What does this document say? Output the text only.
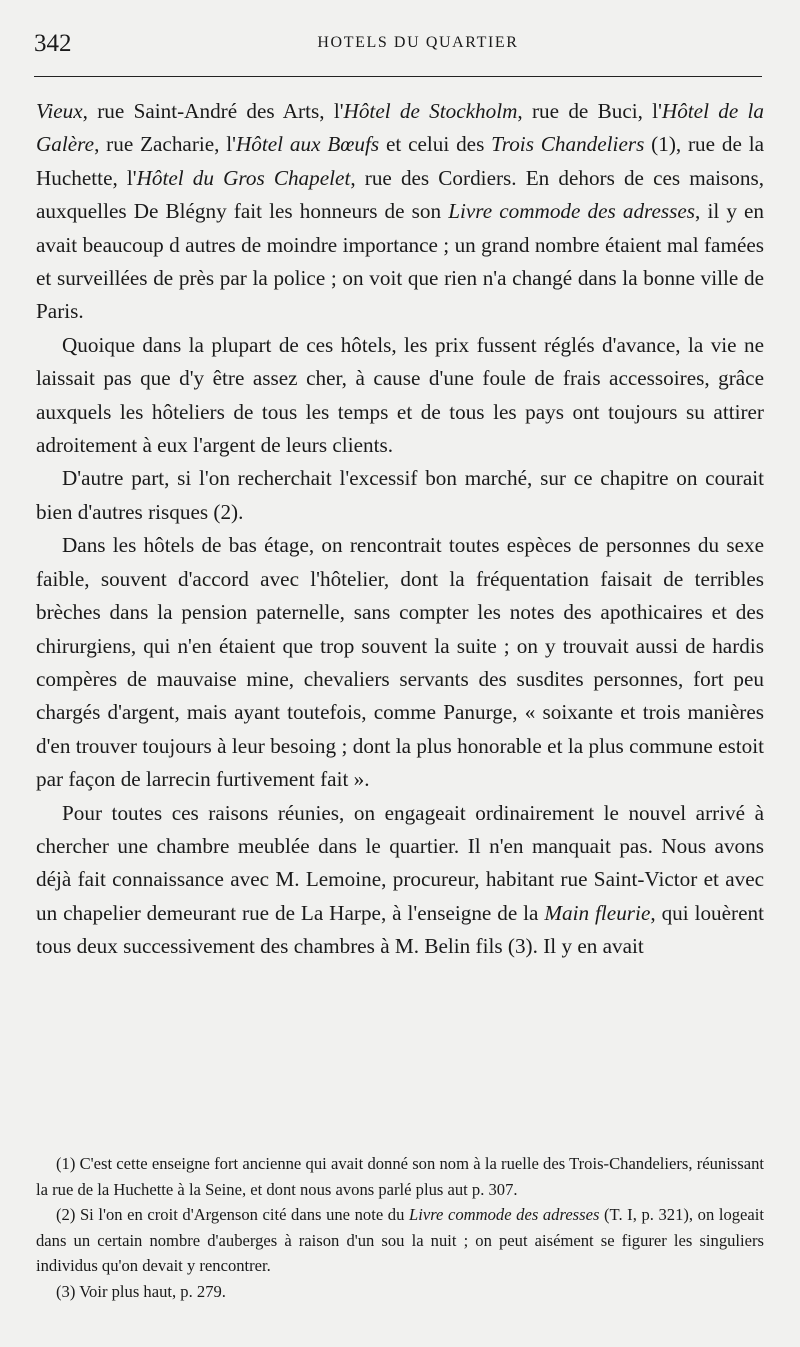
342	HOTELS DU QUARTIER

Vieux, rue Saint-André des Arts, l'Hôtel de Stockholm, rue de Buci, l'Hôtel de la Galère, rue Zacharie, l'Hôtel aux Bœufs et celui des Trois Chandeliers (1), rue de la Huchette, l'Hôtel du Gros Chapelet, rue des Cordiers. En dehors de ces maisons, auxquelles De Blégny fait les honneurs de son Livre commode des adresses, il y en avait beaucoup d autres de moindre importance ; un grand nombre étaient mal famées et surveillées de près par la police ; on voit que rien n'a changé dans la bonne ville de Paris.

Quoique dans la plupart de ces hôtels, les prix fussent réglés d'avance, la vie ne laissait pas que d'y être assez cher, à cause d'une foule de frais accessoires, grâce auxquels les hôteliers de tous les temps et de tous les pays ont toujours su attirer adroitement à eux l'argent de leurs clients.

D'autre part, si l'on recherchait l'excessif bon marché, sur ce chapitre on courait bien d'autres risques (2).

Dans les hôtels de bas étage, on rencontrait toutes espèces de personnes du sexe faible, souvent d'accord avec l'hôtelier, dont la fréquentation faisait de terribles brèches dans la pension paternelle, sans compter les notes des apothicaires et des chirurgiens, qui n'en étaient que trop souvent la suite ; on y trouvait aussi de hardis compères de mauvaise mine, chevaliers servants des susdites personnes, fort peu chargés d'argent, mais ayant toutefois, comme Panurge, « soixante et trois manières d'en trouver toujours à leur besoing ; dont la plus honorable et la plus commune estoit par façon de larrecin furtivement fait ».

Pour toutes ces raisons réunies, on engageait ordinairement le nouvel arrivé à chercher une chambre meublée dans le quartier. Il n'en manquait pas. Nous avons déjà fait connaissance avec M. Lemoine, procureur, habitant rue Saint-Victor et avec un chapelier demeurant rue de La Harpe, à l'enseigne de la Main fleurie, qui louèrent tous deux successivement des chambres à M. Belin fils (3). Il y en avait

(1) C'est cette enseigne fort ancienne qui avait donné son nom à la ruelle des Trois-Chandeliers, réunissant la rue de la Huchette à la Seine, et dont nous avons parlé plus aut p. 307.

(2) Si l'on en croit d'Argenson cité dans une note du Livre commode des adresses (T. I, p. 321), on logeait dans un certain nombre d'auberges à raison d'un sou la nuit ; on peut aisément se figurer les singuliers individus qu'on devait y rencontrer.

(3) Voir plus haut, p. 279.
